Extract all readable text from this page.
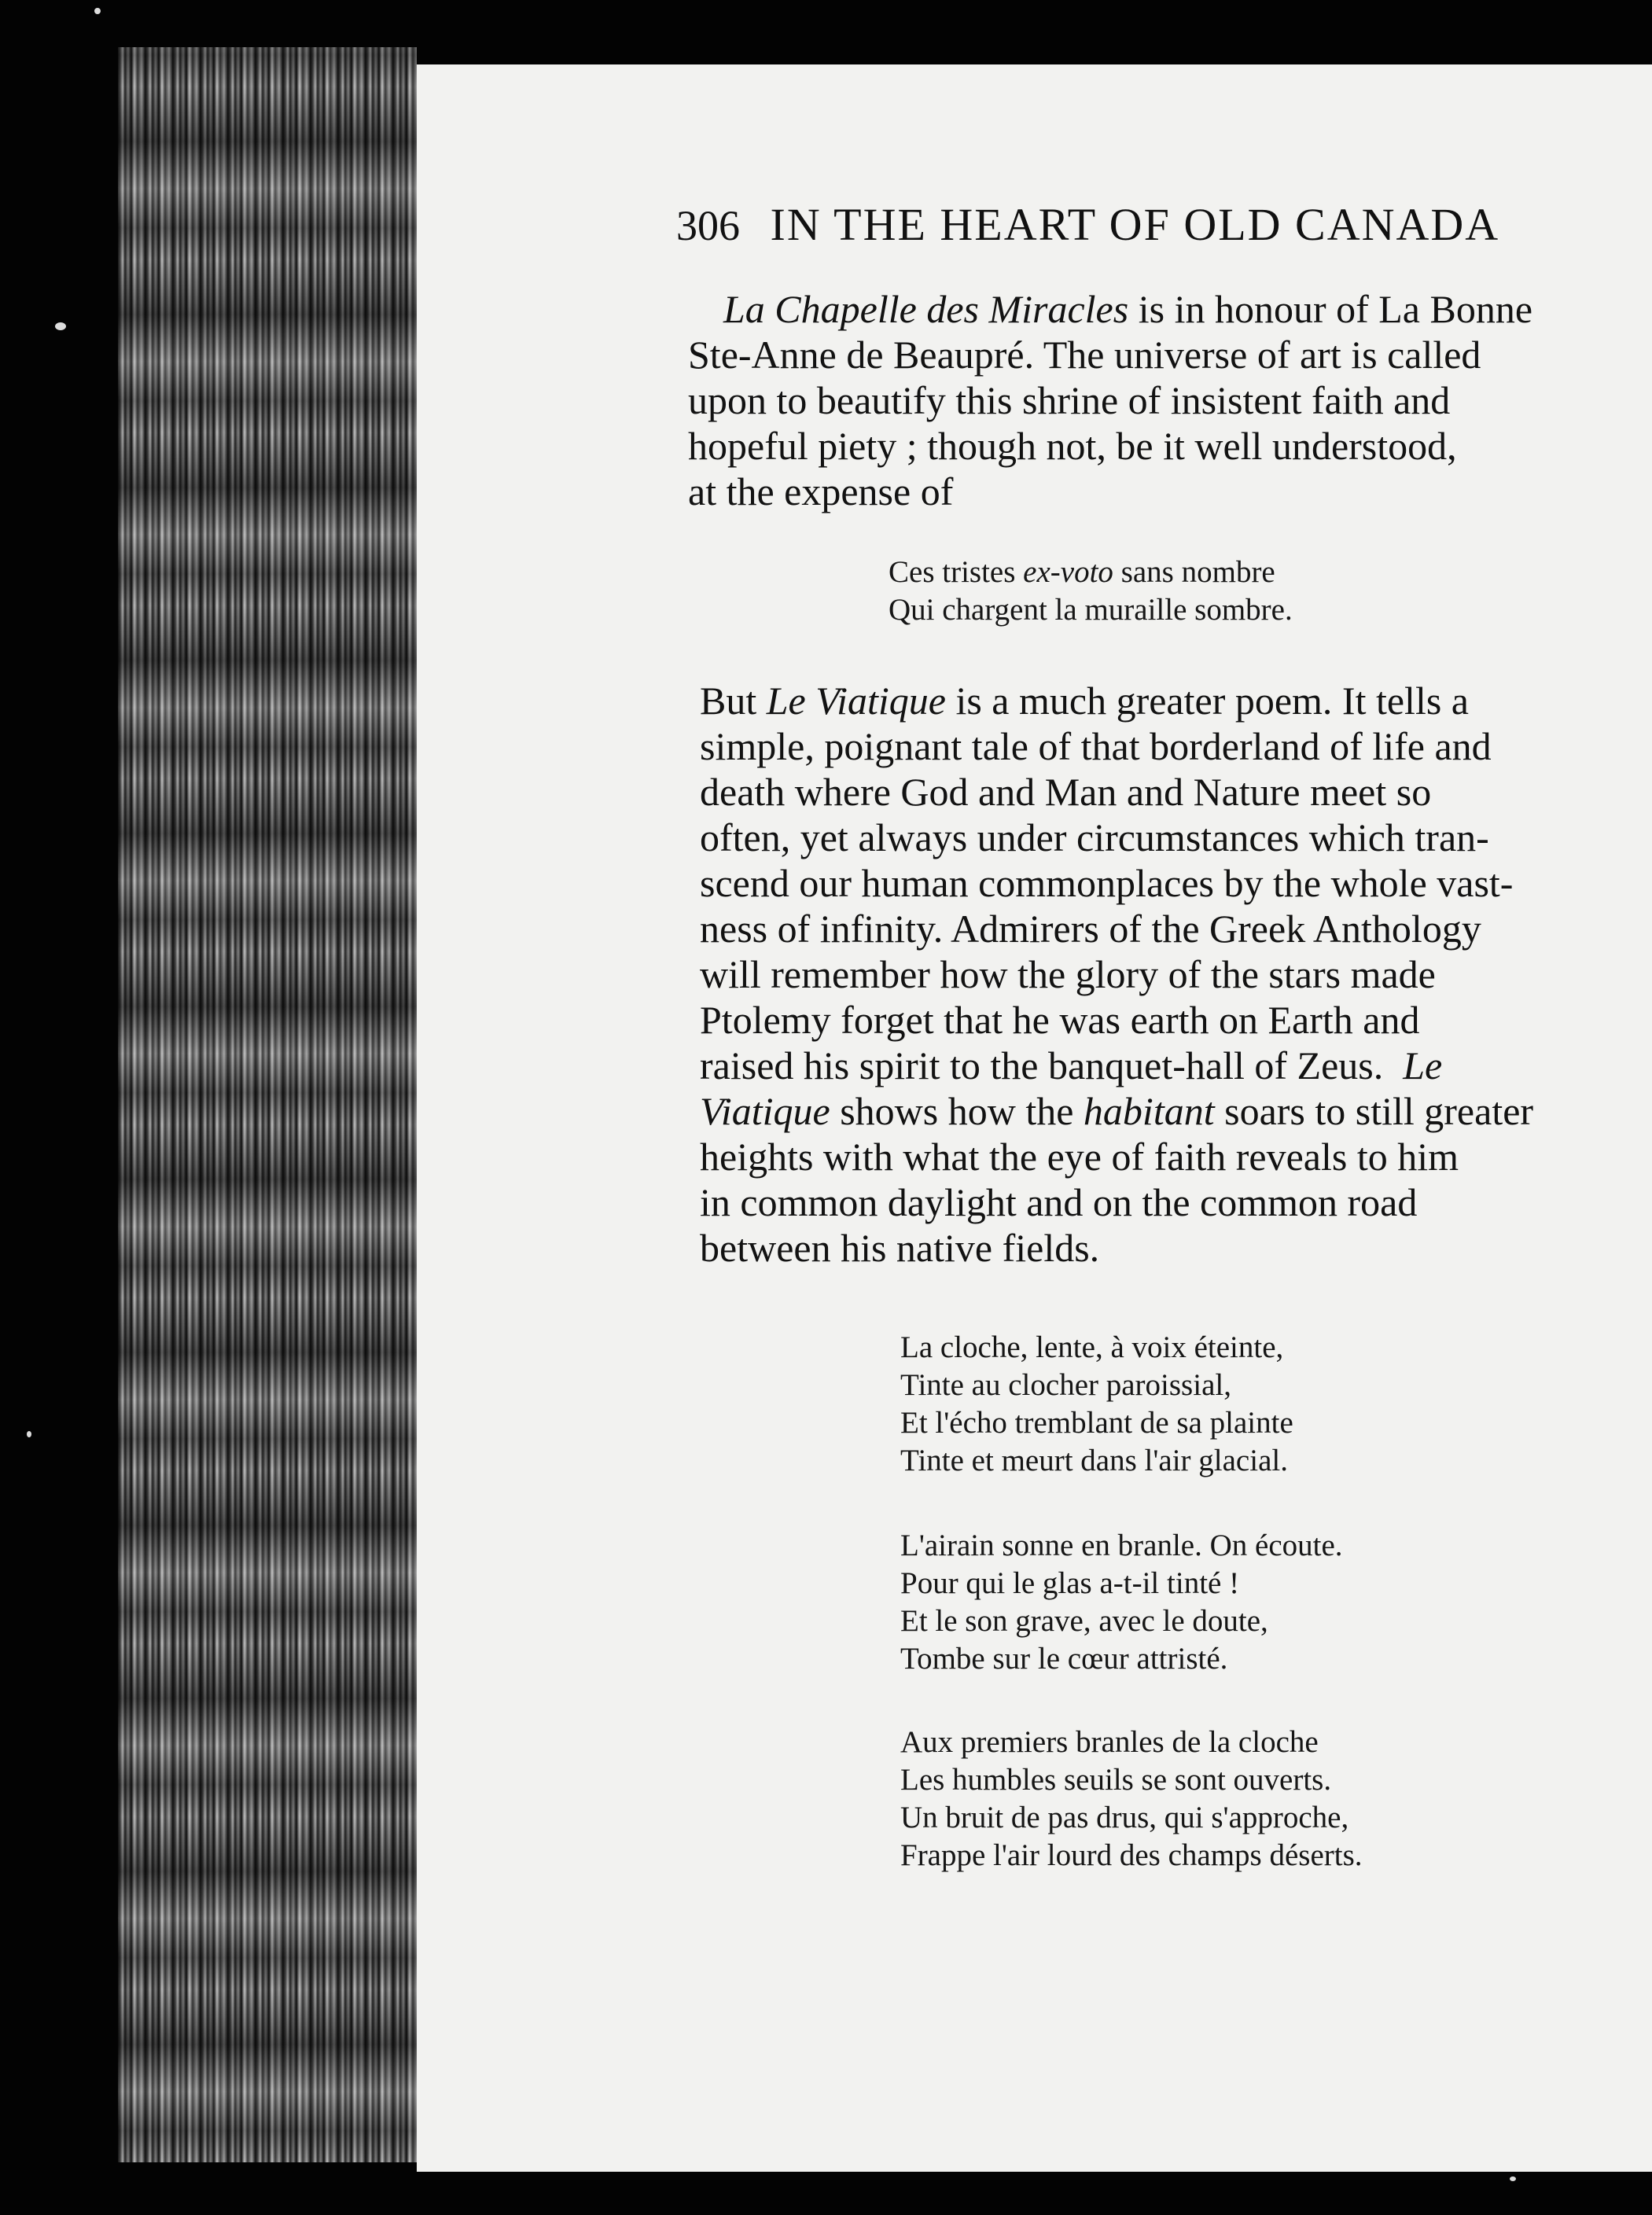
306 IN THE HEART OF OLD CANADA
La Chapelle des Miracles is in honour of La Bonne
Ste-Anne de Beaupré. The universe of art is called
upon to beautify this shrine of insistent faith and
hopeful piety ; though not, be it well understood,
at the expense of
Ces tristes ex-voto sans nombre
Qui chargent la muraille sombre.
But Le Viatique is a much greater poem. It tells a
simple, poignant tale of that borderland of life and
death where God and Man and Nature meet so
often, yet always under circumstances which tran-
scend our human commonplaces by the whole vast-
ness of infinity. Admirers of the Greek Anthology
will remember how the glory of the stars made
Ptolemy forget that he was earth on Earth and
raised his spirit to the banquet-hall of Zeus. Le
Viatique shows how the habitant soars to still greater
heights with what the eye of faith reveals to him
in common daylight and on the common road
between his native fields.
La cloche, lente, à voix éteinte,
Tinte au clocher paroissial,
Et l'écho tremblant de sa plainte
Tinte et meurt dans l'air glacial.
L'airain sonne en branle. On écoute.
Pour qui le glas a-t-il tinté !
Et le son grave, avec le doute,
Tombe sur le cœur attristé.
Aux premiers branles de la cloche
Les humbles seuils se sont ouverts.
Un bruit de pas drus, qui s'approche,
Frappe l'air lourd des champs déserts.
